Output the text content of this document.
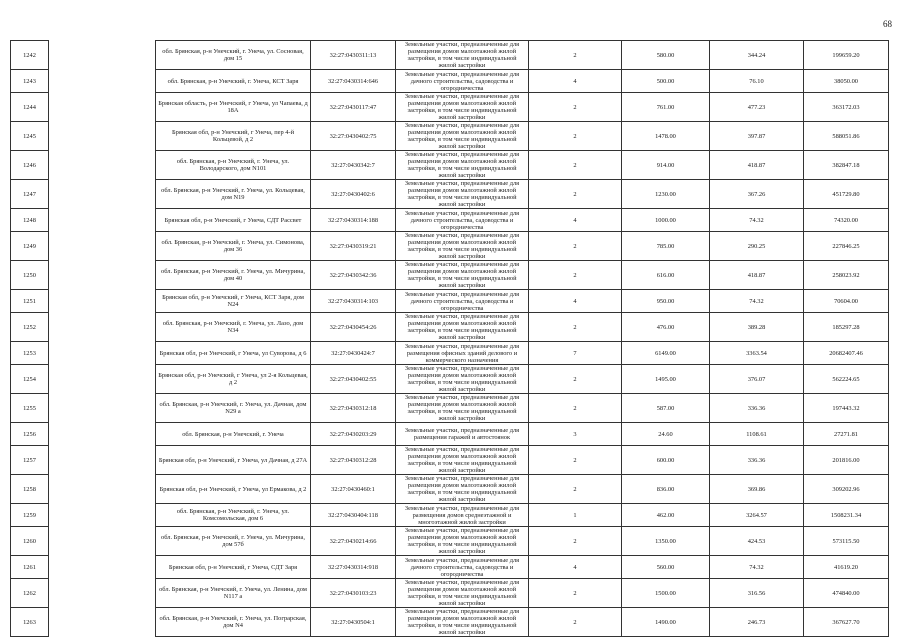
68
1242		обл. Брянская, р-н Унечский, г. Унеча, ул. Сосновая, дом 15	32:27:0430311:13	Земельные участки, предназначенные для размещения домов малоэтажной жилой застройки, в том числе индивидуальной жилой застройки	2	580.00	344.24	199659.20
1243		обл. Брянская, р-н Унечский, г. Унеча, КСТ Заря	32:27:0430314:646	Земельные участки, предназначенные для дачного строительства, садоводства и огородничества	4	500.00	76.10	38050.00
1244		Брянская область, р-н Унечский, г Унеча, ул Чапаева, д 18А	32:27:0430117:47	Земельные участки, предназначенные для размещения домов малоэтажной жилой застройки, в том числе индивидуальной жилой застройки	2	761.00	477.23	363172.03
1245		Брянская обл, р-н Унечский, г Унеча, пер 4-й Кольцевой, д 2	32:27:0430402:75	Земельные участки, предназначенные для размещения домов малоэтажной жилой застройки, в том числе индивидуальной жилой застройки	2	1478.00	397.87	588051.86
1246		обл. Брянская, р-н Унечский, г. Унеча, ул. Володарского, дом N101	32:27:0430342:7	Земельные участки, предназначенные для размещения домов малоэтажной жилой застройки, в том числе индивидуальной жилой застройки	2	914.00	418.87	382847.18
1247		обл. Брянская, р-н Унечский, г. Унеча, ул. Кольцевая, дом N19	32:27:0430402:6	Земельные участки, предназначенные для размещения домов малоэтажной жилой застройки, в том числе индивидуальной жилой застройки	2	1230.00	367.26	451729.80
1248		Брянская обл, р-н Унечский, г Унеча, СДТ Рассвет	32:27:0430314:188	Земельные участки, предназначенные для дачного строительства, садоводства и огородничества	4	1000.00	74.32	74320.00
1249		обл. Брянская, р-н Унечский, г. Унеча, ул. Симонова, дом 36	32:27:0430319:21	Земельные участки, предназначенные для размещения домов малоэтажной жилой застройки, в том числе индивидуальной жилой застройки	2	785.00	290.25	227846.25
1250		обл. Брянская, р-н Унечский, г. Унеча, ул. Мичурина, дом 40	32:27:0430342:36	Земельные участки, предназначенные для размещения домов малоэтажной жилой застройки, в том числе индивидуальной жилой застройки	2	616.00	418.87	258023.92
1251		Брянская обл, р-н Унечский, г Унеча, КСТ Заря, дом N24	32:27:0430314:103	Земельные участки, предназначенные для дачного строительства, садоводства и огородничества	4	950.00	74.32	70604.00
1252		обл. Брянская, р-н Унечский, г. Унеча, ул. Лазо, дом N34	32:27:0430454:26	Земельные участки, предназначенные для размещения домов малоэтажной жилой застройки, в том числе индивидуальной жилой застройки	2	476.00	389.28	185297.28
1253		Брянская обл, р-н Унечский, г Унеча, ул Суворова, д 6	32:27:0430424:7	Земельные участки, предназначенные для размещения офисных зданий делового и коммерческого назначения	7	6149.00	3363.54	20682407.46
1254		Брянская обл, р-н Унечский, г Унеча, ул 2-я Кольцевая, д 2	32:27:0430402:55	Земельные участки, предназначенные для размещения домов малоэтажной жилой застройки, в том числе индивидуальной жилой застройки	2	1495.00	376.07	562224.65
1255		обл. Брянская, р-н Унечский, г. Унеча, ул. Дачная, дом N29 а	32:27:0430312:18	Земельные участки, предназначенные для размещения домов малоэтажной жилой застройки, в том числе индивидуальной жилой застройки	2	587.00	336.36	197443.32
1256		обл. Брянская, р-н Унечский, г. Унеча	32:27:0430203:29	Земельные участки, предназначенные для размещения гаражей и автостоянок	3	24.60	1108.61	27271.81
1257		Брянская обл, р-н Унечский, г Унеча, ул Дачная, д 27А	32:27:0430312:28	Земельные участки, предназначенные для размещения домов малоэтажной жилой застройки, в том числе индивидуальной жилой застройки	2	600.00	336.36	201816.00
1258		Брянская обл, р-н Унечский, г Унеча, ул Ермакова, д 2	32:27:0430460:1	Земельные участки, предназначенные для размещения домов малоэтажной жилой застройки, в том числе индивидуальной жилой застройки	2	836.00	369.86	309202.96
1259		обл. Брянская, р-н Унечский, г. Унеча, ул. Комсомольская, дом 6	32:27:0430404:118	Земельные участки, предназначенные для размещения домов среднеэтажной и многоэтажной жилой застройки	1	462.00	3264.57	1508231.34
1260		обл. Брянская, р-н Унечский, г. Унеча, ул. Мичурина, дом 57б	32:27:0430214:66	Земельные участки, предназначенные для размещения домов малоэтажной жилой застройки, в том числе индивидуальной жилой застройки	2	1350.00	424.53	573115.50
1261		Брянская обл, р-н Унечский, г Унеча, СДТ Заря	32:27:0430314:918	Земельные участки, предназначенные для дачного строительства, садоводства и огородничества	4	560.00	74.32	41619.20
1262		обл. Брянская, р-н Унечский, г. Унеча, ул. Ленина, дом N117 а	32:27:0430103:23	Земельные участки, предназначенные для размещения домов малоэтажной жилой застройки, в том числе индивидуальной жилой застройки	2	1500.00	316.56	474840.00
1263		обл. Брянская, р-н Унечский, г. Унеча, ул. Пограрская, дом N4	32:27:0430504:1	Земельные участки, предназначенные для размещения домов малоэтажной жилой застройки, в том числе индивидуальной жилой застройки	2	1490.00	246.73	367627.70
